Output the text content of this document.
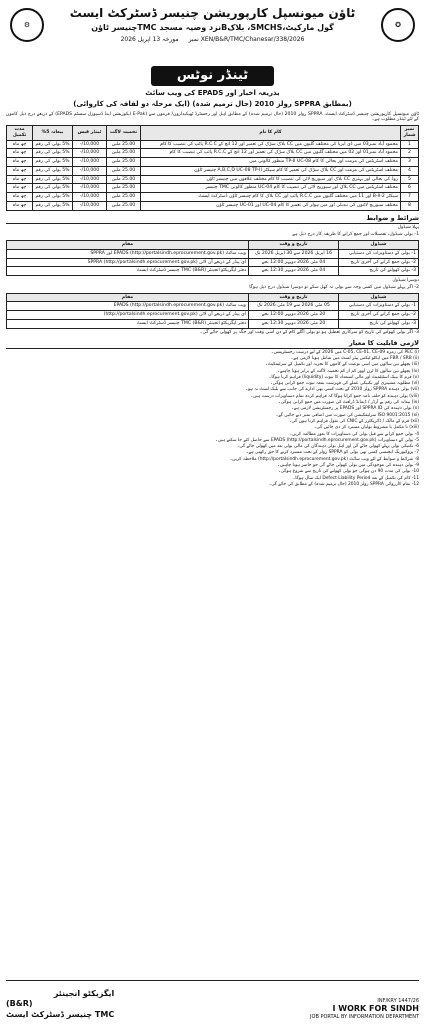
✪
⚙
ٹاؤن میونسپل کارپوریشن چنیسر ڈسٹرکٹ ایسٹ
گول مارکیٹ،SMCHS، بلاکBنزد وصیہ مسجد TMCچنیسر ٹاؤن
مورخہ 13 اپریل 2026 نمبر XEN/B&R/TMC/Chanesar/338/2026
ٹینڈر نوٹس
بذریعہ اخبار اور EPADS کی ویب سائٹ
(بمطابق SPPRA رولز 2010 (حال ترمیم شدہ) (ایک مرحلہ دو لفافہ کی کاروائی)
ٹاؤن میونسپل کارپوریشن چنیسر ڈسٹرکٹ ایسٹ، SPPRA رولز 2010 (حال ترمیم شدہ) کے مطابق اہل اور رجسٹرڈ ٹھیکیداروں/ فرموں سے (E-Pak ایکوزیشن اینڈ ڈسپوزل سسٹم EPADS) کے ذریعے درج ذیل کاموں کے لئے ٹینڈر مطلوب ہے۔
نمبر شمار	کام کا نام	تخمینہ لاگت	ٹینڈر فیس	بیعانہ 5%	مدت تکمیل
1	محمود آباد نمبر03 میں ڈی ایریا کی مختلف گلیوں میں CC بلاک سڑک کی تعمیر اور 12 انچ کے R.C.C پائپ کی تنصیب کا کام	25.00 ملین	10,000/-	5% بولی کی رقم	چھ ماہ
2	محمود آباد نمبر01 اور 02 میں مختلف گلیوں میں CC بلاک سڑک کی تعمیر اور 12 انچ کے R.C.C پائپ کی تنصیب کا کام	25.00 ملین	10,000/-	5% بولی کی رقم	چھ ماہ
3	مختلف اسٹریٹس کی مرمت اور بحالی کا کام TP-II UC-08 منظور کالونی میں	25.00 ملین	10,000/-	5% بولی کی رقم	چھ ماہ
4	مختلف اسٹریٹس کی مرمت اور CC بلاک سڑک کی تعمیر کا کام سیکٹر A,B,C,D UC-08 TP-II چنیسر ٹاؤن	25.00 ملین	10,000/-	5% بولی کی رقم	چھ ماہ
5	روڈ کی بحالی اور بہتری CC بلاک اور سیوریج لائن کی تنصیب کا کام مختلف علاقوں میں چنیسر ٹاؤن	25.00 ملین	10,000/-	5% بولی کی رقم	چھ ماہ
6	مختلف اسٹریٹس میں CC بلاک اور سیوریج لائن کی تنصیب کا کام UC-04 منظور کالونی TMC چنیسر	25.00 ملین	10,000/-	5% بولی کی رقم	چھ ماہ
7	سیکٹر 2-B-II اور 11 میں مختلف گلیوں میں R.C.C پائپ اور CC بلاک کا کام چنیسر ٹاؤن ڈسٹرکٹ ایسٹ	25.00 ملین	10,000/-	5% بولی کی رقم	چھ ماہ
8	مختلف سیوریج لائنوں کی تبدیلی اور مین ہولز کی تعمیر کا کام UC-04 اور UC-01 چنیسر ٹاؤن	25.00 ملین	10,000/-	5% بولی کی رقم	چھ ماہ
شرائط و ضوابط
پہلا شیڈول
1- بولی شیڈول، تفصیلات اور جمع کرانے کا طریقہ کار درج ذیل ہے
شیڈول	تاریخ و وقت	مقام
1- بولی کے دستاویزات کی دستیابی	16 اپریل 2026 سے 30 اپریل 2026 تک	ویب سائٹ EPADS (http://portalsindh.eprocurement.gov.pk) اور SPPRA
2- بولی جمع کرانے کی آخری تاریخ	04 مئی 2026 دوپہر 12:00 بجے	ای پیڈز کے ذریعے آن لائن SPPRA (http://portalsindh.eprocurement.gov.pk)
3- بولی کھولنے کی تاریخ	04 مئی 2026 دوپہر 12:30 بجے	دفتر ایگزیکٹو انجینئر (B&R) TMC چنیسر ڈسٹرکٹ ایسٹ
دوسرا شیڈول
2- اگر پہلے شیڈول میں کسی وجہ سے بولی نہ کھل سکے تو دوسرا شیڈول درج ذیل ہوگا
شیڈول	تاریخ و وقت	مقام
1- بولی کے دستاویزات کی دستیابی	05 مئی 2026 سے 19 مئی 2026 تک	ویب سائٹ EPADS (http://portalsindh.eprocurement.gov.pk)
2- بولی جمع کرانے کی آخری تاریخ	20 مئی 2026 دوپہر 12:00 بجے	ای پیڈز کے ذریعے آن لائن (http://portalsindh.eprocurement.gov.pk)
3- بولی کھولنے کی تاریخ	20 مئی 2026 دوپہر 12:30 بجے	دفتر ایگزیکٹو انجینئر (B&R) TMC چنیسر ڈسٹرکٹ ایسٹ
3- اگر بولی کھولنے کی تاریخ کو سرکاری تعطیل ہو تو بولی اگلے کام کے دن اسی وقت اور جگہ پر کھولی جائے گی۔
لازمی قابلیت کا معیار
(i) PEC کی زمرہ C-05، CE-01، CE-09 میں 2026 کے لیے درست رجسٹریشن۔
(ii) FBR / SRB میں ایکٹو ٹیکس پیئر لسٹ میں شامل ہونا لازمی ہے۔
(iii) پچھلے تین سالوں میں اسی نوعیت کے کاموں کا تجربہ اور تکمیل کے سرٹیفکیٹ۔
(iv) پچھلے تین سالوں کا ٹرن اوور کم از کم تخمینہ لاگت کے برابر ہونا چاہیے۔
(v) فرم کا بینک اسٹیٹمنٹ اور مالی استعداد کا ثبوت (liquidity) فراہم کرنا ہوگا۔
(vi) مطلوبہ مشینری اور تکنیکی عملے کی فہرست بمعہ ثبوت جمع کرانی ہوگی۔
(vii) بولی دہندہ SPPRA رولز 2010 کے تحت کسی بھی ادارے کی جانب سے بلیک لسٹ نہ ہو۔
(viii) بولی دہندہ کو حلف نامہ جمع کرانا ہوگا کہ فراہم کردہ تمام دستاویزات درست ہیں۔
(ix) بیعانہ کی رقم پے آرڈر / ڈیمانڈ ڈرافٹ کی صورت میں جمع کرانی ہوگی۔
(x) بولی دہندہ کی SPPRA ID اور EPADS پر رجسٹریشن لازمی ہے۔
(xi) ISO 9001:2015 سرٹیفکیشن کی صورت میں اضافی نمبر دیے جائیں گے۔
(xii) فرم کے مالک / ڈائریکٹرز کے CNIC کی نقول فراہم کرنا ہوں گی۔
(xiii) نا مکمل یا مشروط بولیاں مسترد کر دی جائیں گی۔
4- بولی جمع کرانے سے قبل بولی کی دستاویزات کا بغور مطالعہ کریں۔
5- بولی کے دستاویزات EPADS (http://portalsindh.eprocurement.gov.pk) سے حاصل کئے جا سکتے ہیں۔
6- تکنیکی بولی پہلے کھولی جائے گی اور اہل بولی دہندگان کی مالی بولی بعد میں کھولی جائے گی۔
7- پروکیورنگ ایجنسی کسی بھی بولی کو SPPRA رولز کے تحت مسترد کرنے کا حق رکھتی ہے۔
8- شرائط و ضوابط کے لئے ویب سائٹ (http://portalsindh.eprocurement.gov.pk) ملاحظہ کریں۔
9- بولی دہندہ کی موجودگی میں بولی کھولی جائے گی جو حاضر ہونا چاہیں۔
10- بولی کی مدت 90 دن ہوگی جو بولی کھولنے کی تاریخ سے شروع ہوگی۔
11- کام کی تکمیل کے بعد Defect Liability Period ایک سال ہوگا۔
12- تمام کارروائی SPPRA رولز 2010 (حال ترمیم شدہ) کے مطابق کی جائے گی۔
ایگزیکٹو انجینئر
(B&R)
TMC چنیسر ڈسٹرکٹ ایسٹ
INF/KRY 1447/26
I WORK FOR SINDH
JOB PORTAL BY INFORMATION DEPARTMENT
